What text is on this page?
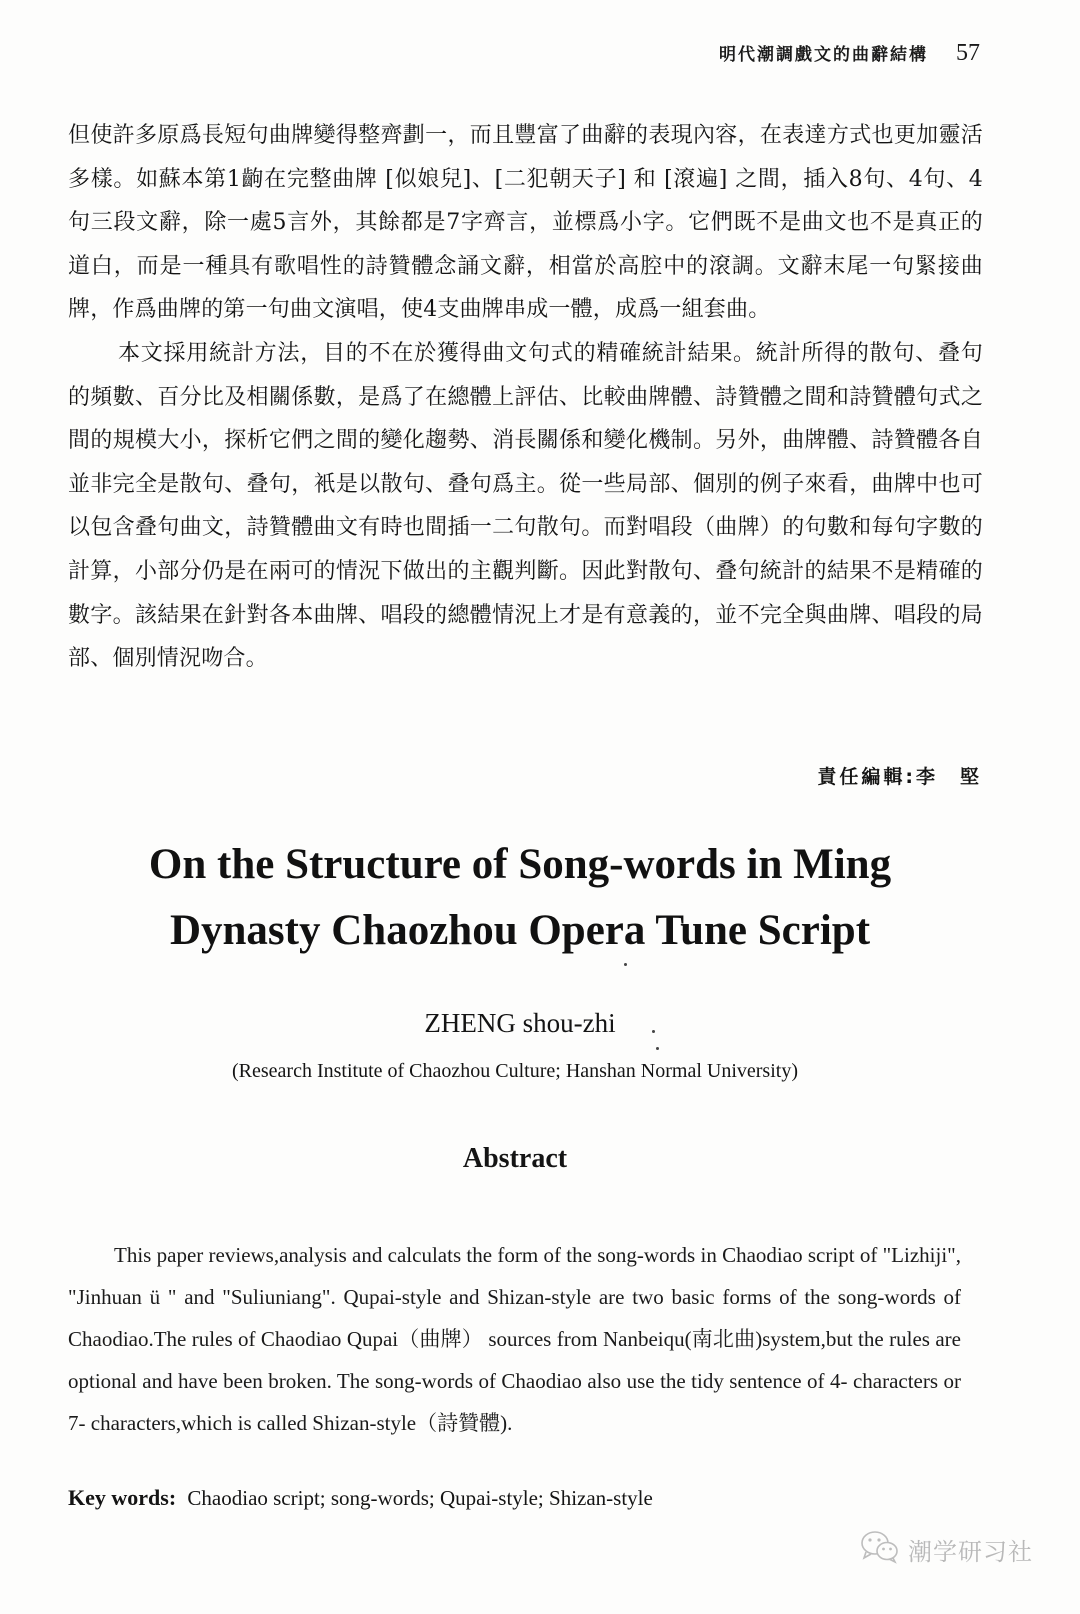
明代潮調戲文的曲辭結構 57

但使許多原爲長短句曲牌變得整齊劃一，而且豐富了曲辭的表現內容，在表達方式也更加靈活多樣。如蘇本第1齣在完整曲牌 [似娘兒]、[二犯朝天子] 和 [滾遍] 之間，插入8句、4句、4句三段文辭，除一處5言外，其餘都是7字齊言，並標爲小字。它們既不是曲文也不是真正的道白，而是一種具有歌唱性的詩贊體念誦文辭，相當於高腔中的滾調。文辭末尾一句緊接曲牌，作爲曲牌的第一句曲文演唱，使4支曲牌串成一體，成爲一組套曲。

本文採用統計方法，目的不在於獲得曲文句式的精確統計結果。統計所得的散句、叠句的頻數、百分比及相關係數，是爲了在總體上評估、比較曲牌體、詩贊體之間和詩贊體句式之間的規模大小，探析它們之間的變化趨勢、消長關係和變化機制。另外，曲牌體、詩贊體各自並非完全是散句、叠句，衹是以散句、叠句爲主。從一些局部、個別的例子來看，曲牌中也可以包含叠句曲文，詩贊體曲文有時也間插一二句散句。而對唱段（曲牌）的句數和每句字數的計算，小部分仍是在兩可的情況下做出的主觀判斷。因此對散句、叠句統計的結果不是精確的數字。該結果在針對各本曲牌、唱段的總體情況上才是有意義的，並不完全與曲牌、唱段的局部、個別情況吻合。

責任編輯:李　堅
On the Structure of Song-words in Ming
Dynasty Chaozhou Opera Tune Script
ZHENG shou-zhi
(Research Institute of Chaozhou Culture; Hanshan Normal University)
Abstract

This paper reviews,analysis and calculats the form of the song-words in Chaodiao script of "Lizhiji", "Jinhuan ü " and "Suliuniang". Qupai-style and Shizan-style are two basic forms of the song-words of Chaodiao.The rules of Chaodiao Qupai（曲牌） sources from Nanbeiqu(南北曲)system,but the rules are optional and have been broken. The song-words of Chaodiao also use the tidy sentence of 4- characters or 7- characters,which is called Shizan-style（詩贊體).

Key words: Chaodiao script; song-words; Qupai-style; Shizan-style
潮学研习社
